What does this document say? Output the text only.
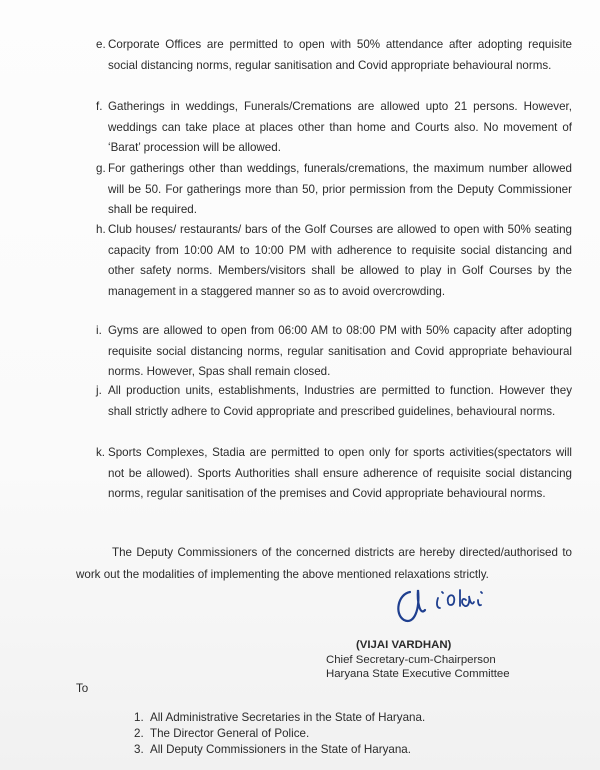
e. Corporate Offices are permitted to open with 50% attendance after adopting requisite social distancing norms, regular sanitisation and Covid appropriate behavioural norms.
f. Gatherings in weddings, Funerals/Cremations are allowed upto 21 persons. However, weddings can take place at places other than home and Courts also. No movement of ‘Barat’ procession will be allowed.
g. For gatherings other than weddings, funerals/cremations, the maximum number allowed will be 50. For gatherings more than 50, prior permission from the Deputy Commissioner shall be required.
h. Club houses/ restaurants/ bars of the Golf Courses are allowed to open with 50% seating capacity from 10:00 AM to 10:00 PM with adherence to requisite social distancing and other safety norms. Members/visitors shall be allowed to play in Golf Courses by the management in a staggered manner so as to avoid overcrowding.
i. Gyms are allowed to open from 06:00 AM to 08:00 PM with 50% capacity after adopting requisite social distancing norms, regular sanitisation and Covid appropriate behavioural norms. However, Spas shall remain closed.
j. All production units, establishments, Industries are permitted to function. However they shall strictly adhere to Covid appropriate and prescribed guidelines, behavioural norms.
k. Sports Complexes, Stadia are permitted to open only for sports activities(spectators will not be allowed). Sports Authorities shall ensure adherence of requisite social distancing norms, regular sanitisation of the premises and Covid appropriate behavioural norms.
The Deputy Commissioners of the concerned districts are hereby directed/authorised to work out the modalities of implementing the above mentioned relaxations strictly.
(VIJAI VARDHAN)
Chief Secretary-cum-Chairperson
Haryana State Executive Committee
To
1. All Administrative Secretaries in the State of Haryana.
2. The Director General of Police.
3. All Deputy Commissioners in the State of Haryana.
